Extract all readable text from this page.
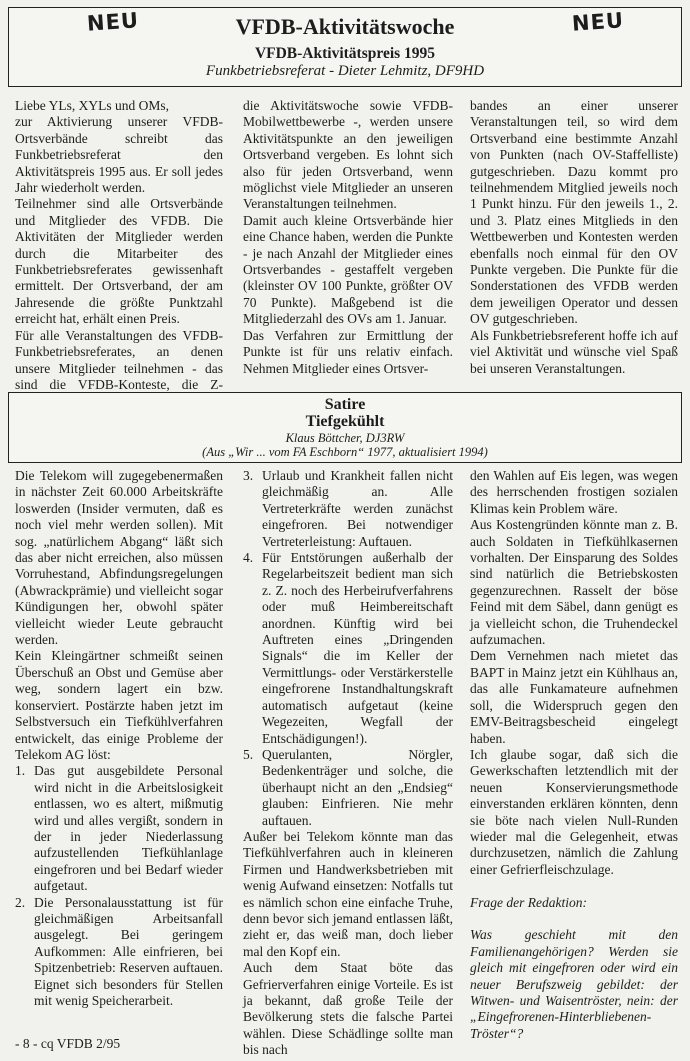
NEU	NEU
VFDB-Aktivitätswoche
VFDB-Aktivitätspreis 1995
Funkbetriebsreferat - Dieter Lehmitz, DF9HD

Liebe YLs, XYLs und OMs,

zur Aktivierung unserer VFDB-Ortsverbände schreibt das Funkbetriebsreferat den Aktivitätspreis 1995 aus. Er soll jedes Jahr wiederholt werden.

Teilnehmer sind alle Ortsverbände und Mitglieder des VFDB. Die Aktivitäten der Mitglieder werden durch die Mitarbeiter des Funkbetriebsreferates gewissenhaft ermittelt. Der Ortsverband, der am Jahresende die größte Punktzahl erreicht hat, erhält einen Preis.

Für alle Veranstaltungen des VFDB-Funkbetriebsreferates, an denen unsere Mitglieder teilnehmen - das sind die VFDB-Konteste, die Z-

die Aktivitätswoche sowie VFDB-Mobilwettbewerbe -, werden unsere Aktivitätspunkte an den jeweiligen Ortsverband vergeben. Es lohnt sich also für jeden Ortsverband, wenn möglichst viele Mitglieder an unseren Veranstaltungen teilnehmen.

Damit auch kleine Ortsverbände hier eine Chance haben, werden die Punkte - je nach Anzahl der Mitglieder eines Ortsverbandes - gestaffelt vergeben (kleinster OV 100 Punkte, größter OV 70 Punkte). Maßgebend ist die Mitgliederzahl des OVs am 1. Januar.

Das Verfahren zur Ermittlung der Punkte ist für uns relativ einfach. Nehmen Mitglieder eines Ortsver-

bandes an einer unserer Veranstaltungen teil, so wird dem Ortsverband eine bestimmte Anzahl von Punkten (nach OV-Staffelliste) gutgeschrieben. Dazu kommt pro teilnehmendem Mitglied jeweils noch 1 Punkt hinzu. Für den jeweils 1., 2. und 3. Platz eines Mitglieds in den Wettbewerben und Kontesten werden ebenfalls noch einmal für den OV Punkte vergeben. Die Punkte für die Sonderstationen des VFDB werden dem jeweiligen Operator und dessen OV gutgeschrieben.

Als Funkbetriebsreferent hoffe ich auf viel Aktivität und wünsche viel Spaß bei unseren Veranstaltungen.

Satire
Tiefgekühlt
Klaus Böttcher, DJ3RW
(Aus „Wir ... vom FA Eschborn“ 1977, aktualisiert 1994)

Die Telekom will zugegebenermaßen in nächster Zeit 60.000 Arbeitskräfte loswerden (Insider vermuten, daß es noch viel mehr werden sollen). Mit sog. „natürlichem Abgang“ läßt sich das aber nicht erreichen, also müssen Vorruhestand, Abfindungsregelungen (Abwrackprämie) und vielleicht sogar Kündigungen her, obwohl später vielleicht wieder Leute gebraucht werden.

Kein Kleingärtner schmeißt seinen Überschuß an Obst und Gemüse aber weg, sondern lagert ein bzw. konserviert. Postärzte haben jetzt im Selbstversuch ein Tiefkühlverfahren entwickelt, das einige Probleme der Telekom AG löst:

1. Das gut ausgebildete Personal wird nicht in die Arbeitslosigkeit entlassen, wo es altert, mißmutig wird und alles vergißt, sondern in der in jeder Niederlassung aufzustellenden Tiefkühlanlage eingefroren und bei Bedarf wieder aufgetaut.
2. Die Personalausstattung ist für gleichmäßigen Arbeitsanfall ausgelegt. Bei geringem Aufkommen: Alle einfrieren, bei Spitzenbetrieb: Reserven auftauen. Eignet sich besonders für Stellen mit wenig Speicherarbeit.
3. Urlaub und Krankheit fallen nicht gleichmäßig an. Alle Vertreterkräfte werden zunächst eingefroren. Bei notwendiger Vertreterleistung: Auftauen.
4. Für Entstörungen außerhalb der Regelarbeitszeit bedient man sich z. Z. noch des Herbeirufverfahrens oder muß Heimbereitschaft anordnen. Künftig wird bei Auftreten eines „Dringenden Signals“ die im Keller der Vermittlungs- oder Verstärkerstelle eingefrorene Instandhaltungskraft automatisch aufgetaut (keine Wegezeiten, Wegfall der Entschädigungen!).
5. Querulanten, Nörgler, Bedenkenträger und solche, die überhaupt nicht an den „Endsieg“ glauben: Einfrieren. Nie mehr auftauen.

Außer bei Telekom könnte man das Tiefkühlverfahren auch in kleineren Firmen und Handwerksbetrieben mit wenig Aufwand einsetzen: Notfalls tut es nämlich schon eine einfache Truhe, denn bevor sich jemand entlassen läßt, zieht er, das weiß man, doch lieber mal den Kopf ein.

Auch dem Staat böte das Gefrierverfahren einige Vorteile. Es ist ja bekannt, daß große Teile der Bevölkerung stets die falsche Partei wählen. Diese Schädlinge sollte man bis nach

den Wahlen auf Eis legen, was wegen des herrschenden frostigen sozialen Klimas kein Problem wäre.

Aus Kostengründen könnte man z. B. auch Soldaten in Tiefkühlkasernen vorhalten. Der Einsparung des Soldes sind natürlich die Betriebskosten gegenzurechnen. Rasselt der böse Feind mit dem Säbel, dann genügt es ja vielleicht schon, die Truhendeckel aufzumachen.

Dem Vernehmen nach mietet das BAPT in Mainz jetzt ein Kühlhaus an, das alle Funkamateure aufnehmen soll, die Widerspruch gegen den EMV-Beitragsbescheid eingelegt haben.

Ich glaube sogar, daß sich die Gewerkschaften letztendlich mit der neuen Konservierungsmethode einverstanden erklären könnten, denn sie böte nach vielen Null-Runden wieder mal die Gelegenheit, etwas durchzusetzen, nämlich die Zahlung einer Gefrierfleischzulage.

Frage der Redaktion:

Was geschieht mit den Familienangehörigen? Werden sie gleich mit eingefroren oder wird ein neuer Berufszweig gebildet: der Witwen- und Waisentröster, nein: der „Eingefrorenen-Hinterbliebenen-Tröster“?

- 8 - cq VFDB 2/95
